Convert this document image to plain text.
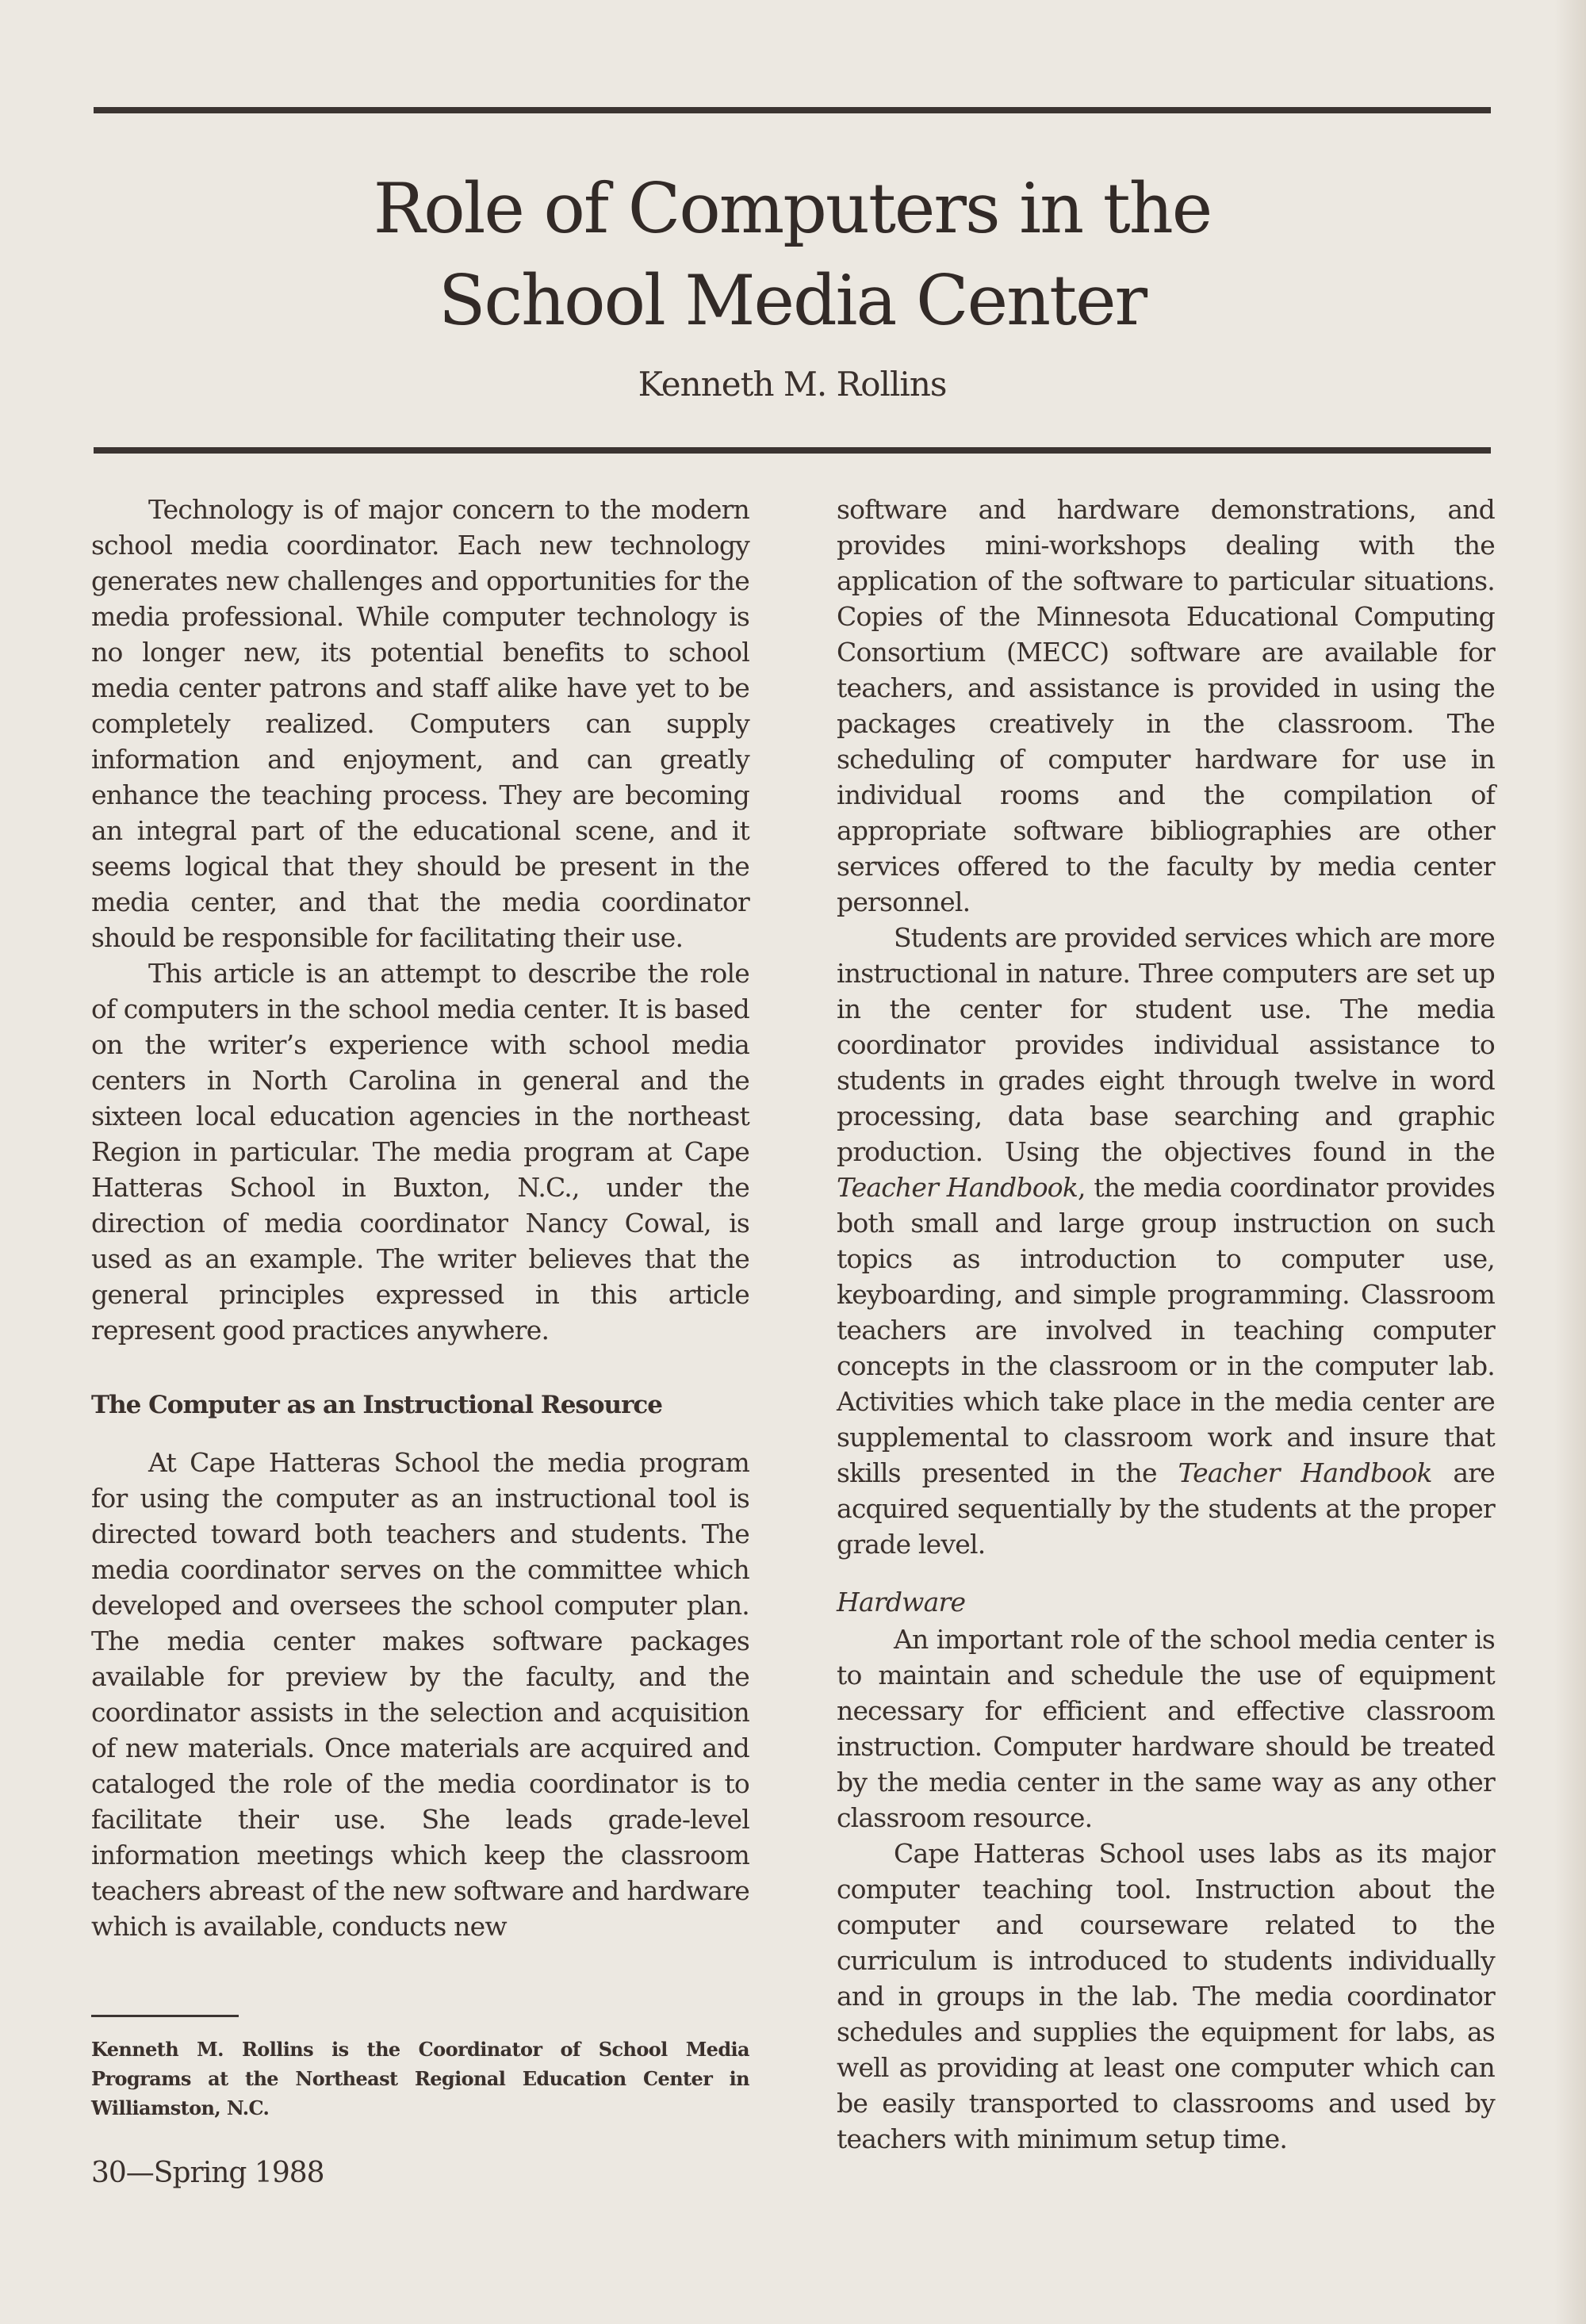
Role of Computers in the
School Media Center
Kenneth M. Rollins

Technology is of major concern to the modern school media coordinator. Each new technology generates new challenges and opportunities for the media professional. While computer technology is no longer new, its potential benefits to school media center patrons and staff alike have yet to be completely realized. Computers can supply information and enjoyment, and can greatly enhance the teaching process. They are becoming an integral part of the educational scene, and it seems logical that they should be present in the media center, and that the media coordinator should be responsible for facilitating their use.

This article is an attempt to describe the role of computers in the school media center. It is based on the writer’s experience with school media centers in North Carolina in general and the sixteen local education agencies in the northeast Region in particular. The media program at Cape Hatteras School in Buxton, N.C., under the direction of media coordinator Nancy Cowal, is used as an example. The writer believes that the general principles expressed in this article represent good practices anywhere.

The Computer as an Instructional Resource

At Cape Hatteras School the media program for using the computer as an instructional tool is directed toward both teachers and students. The media coordinator serves on the committee which developed and oversees the school computer plan. The media center makes software packages available for preview by the faculty, and the coordinator assists in the selection and acquisition of new materials. Once materials are acquired and cataloged the role of the media coordinator is to facilitate their use. She leads grade-level information meetings which keep the classroom teachers abreast of the new software and hardware which is available, conducts new

software and hardware demonstrations, and provides mini-workshops dealing with the application of the software to particular situations. Copies of the Minnesota Educational Computing Consortium (MECC) software are available for teachers, and assistance is provided in using the packages creatively in the classroom. The scheduling of computer hardware for use in individual rooms and the compilation of appropriate software bibliographies are other services offered to the faculty by media center personnel.

Students are provided services which are more instructional in nature. Three computers are set up in the center for student use. The media coordinator provides individual assistance to students in grades eight through twelve in word processing, data base searching and graphic production. Using the objectives found in the Teacher Handbook, the media coordinator provides both small and large group instruction on such topics as introduction to computer use, keyboarding, and simple programming. Classroom teachers are involved in teaching computer concepts in the classroom or in the computer lab. Activities which take place in the media center are supplemental to classroom work and insure that skills presented in the Teacher Handbook are acquired sequentially by the students at the proper grade level.

Hardware

An important role of the school media center is to maintain and schedule the use of equipment necessary for efficient and effective classroom instruction. Computer hardware should be treated by the media center in the same way as any other classroom resource.

Cape Hatteras School uses labs as its major computer teaching tool. Instruction about the computer and courseware related to the curriculum is introduced to students individually and in groups in the lab. The media coordinator schedules and supplies the equipment for labs, as well as providing at least one computer which can be easily transported to classrooms and used by teachers with minimum setup time.

Kenneth M. Rollins is the Coordinator of School Media Programs at the Northeast Regional Education Center in Williamston, N.C.
30—Spring 1988
